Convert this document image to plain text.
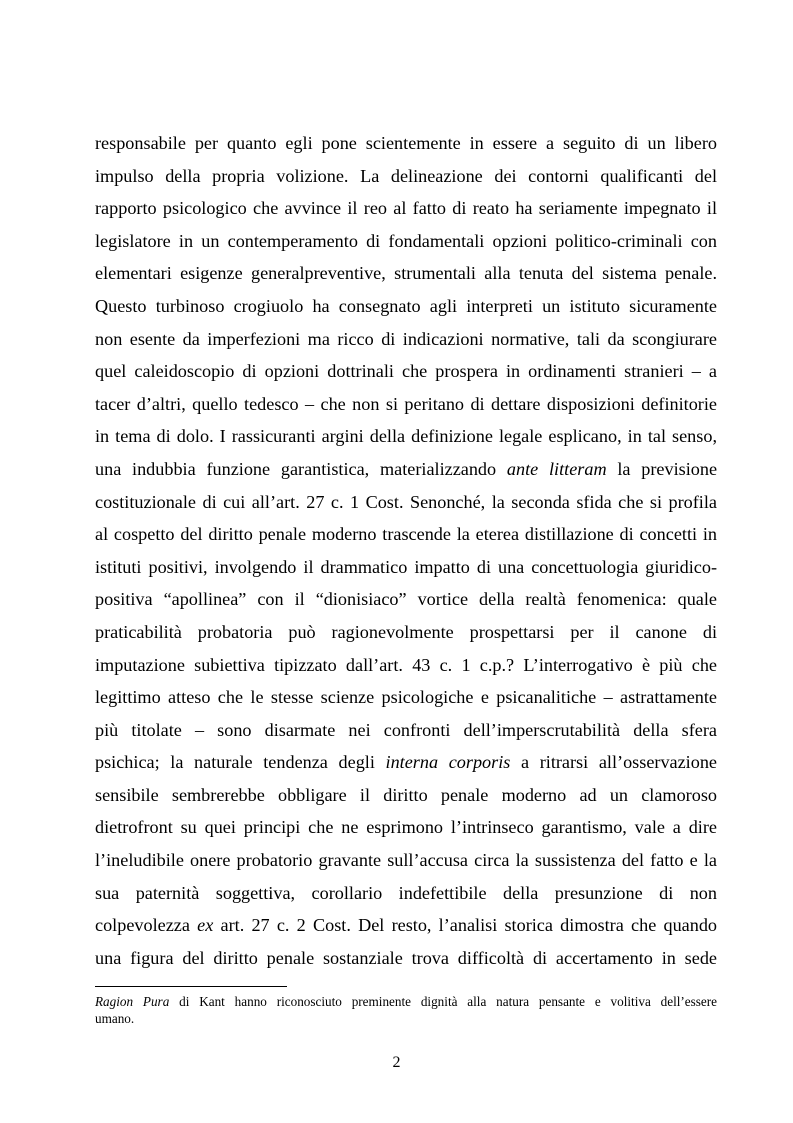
responsabile per quanto egli pone scientemente in essere a seguito di un libero
impulso della propria volizione. La delineazione dei contorni qualificanti del
rapporto psicologico che avvince il reo al fatto di reato ha seriamente impegnato il
legislatore in un contemperamento di fondamentali opzioni politico-criminali con
elementari esigenze generalpreventive, strumentali alla tenuta del sistema penale.
Questo turbinoso crogiuolo ha consegnato agli interpreti un istituto sicuramente
non esente da imperfezioni ma ricco di indicazioni normative, tali da scongiurare
quel caleidoscopio di opzioni dottrinali che prospera in ordinamenti stranieri – a
tacer d’altri, quello tedesco – che non si peritano di dettare disposizioni definitorie
in tema di dolo. I rassicuranti argini della definizione legale esplicano, in tal senso,
una indubbia funzione garantistica, materializzando ante litteram la previsione
costituzionale di cui all’art. 27 c. 1 Cost. Senonché, la seconda sfida che si profila
al cospetto del diritto penale moderno trascende la eterea distillazione di concetti in
istituti positivi, involgendo il drammatico impatto di una concettuologia giuridico-
positiva “apollinea” con il “dionisiaco” vortice della realtà fenomenica: quale
praticabilità probatoria può ragionevolmente prospettarsi per il canone di
imputazione subiettiva tipizzato dall’art. 43 c. 1 c.p.? L’interrogativo è più che
legittimo atteso che le stesse scienze psicologiche e psicanalitiche – astrattamente
più titolate – sono disarmate nei confronti dell’imperscrutabilità della sfera
psichica; la naturale tendenza degli interna corporis a ritrarsi all’osservazione
sensibile sembrerebbe obbligare il diritto penale moderno ad un clamoroso
dietrofront su quei principi che ne esprimono l’intrinseco garantismo, vale a dire
l’ineludibile onere probatorio gravante sull’accusa circa la sussistenza del fatto e la
sua paternità soggettiva, corollario indefettibile della presunzione di non
colpevolezza ex art. 27 c. 2 Cost. Del resto, l’analisi storica dimostra che quando
una figura del diritto penale sostanziale trova difficoltà di accertamento in sede
Ragion Pura di Kant hanno riconosciuto preminente dignità alla natura pensante e volitiva dell’essere
umano.
2
